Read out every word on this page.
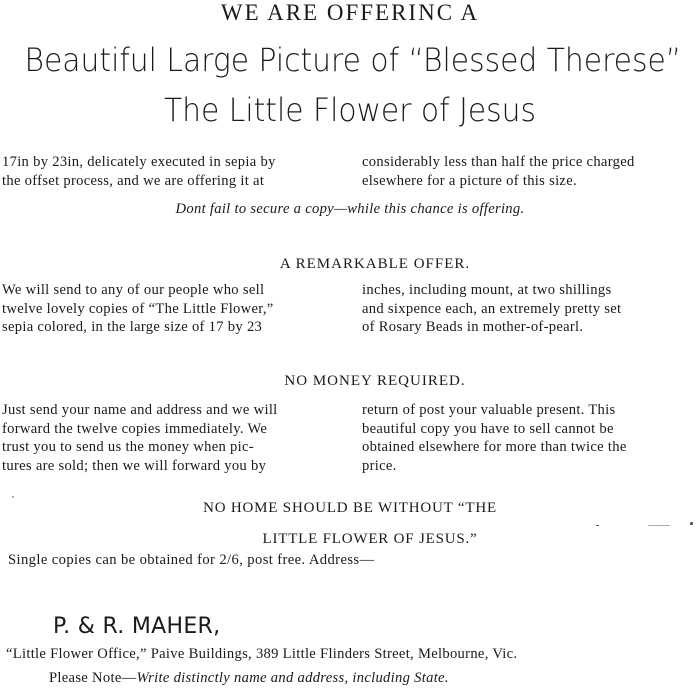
WE ARE OFFERINC A
Beautiful Large Picture of “Blessed Therese”
The Little Flower of Jesus
17in by 23in, delicately executed in sepia by
the offset process, and we are offering it at
considerably less than half the price charged
elsewhere for a picture of this size.
Dont fail to secure a copy—while this chance is offering.
A REMARKABLE OFFER.
We will send to any of our people who sell
twelve lovely copies of “The Little Flower,”
sepia colored, in the large size of 17 by 23
inches, including mount, at two shillings
and sixpence each, an extremely pretty set
of Rosary Beads in mother-of-pearl.
NO MONEY REQUIRED.
Just send your name and address and we will
forward the twelve copies immediately. We
trust you to send us the money when pic-
tures are sold; then we will forward you by
return of post your valuable present. This
beautiful copy you have to sell cannot be
obtained elsewhere for more than twice the
price.
NO HOME SHOULD BE WITHOUT “THE
LITTLE FLOWER OF JESUS.”
Single copies can be obtained for 2/6, post free. Address—
P. & R. MAHER,
“Little Flower Office,” Paive Buildings, 389 Little Flinders Street, Melbourne, Vic.
Please Note—Write distinctly name and address, including State.
